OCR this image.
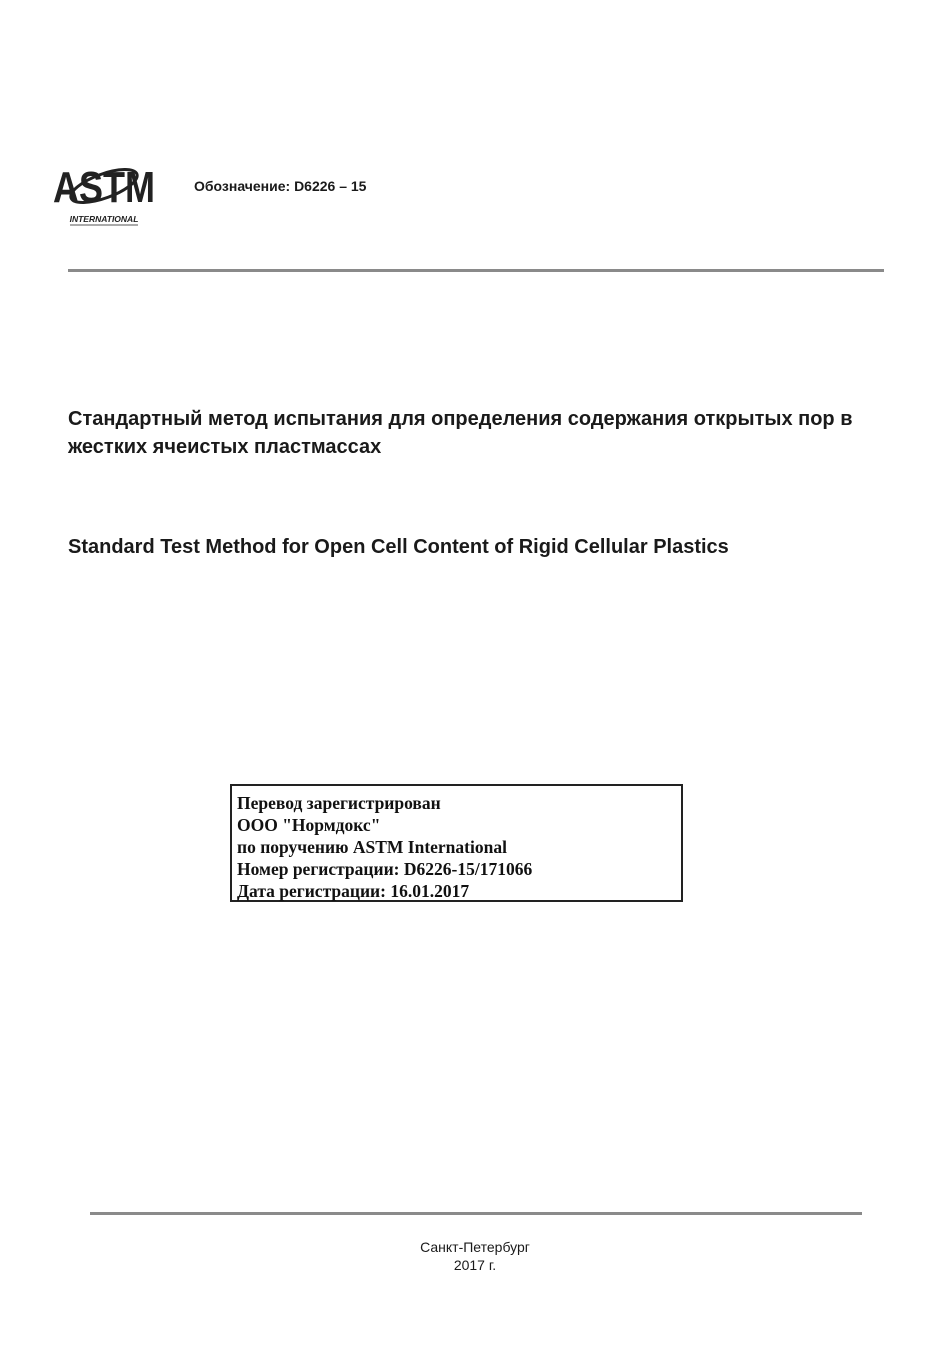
ASTM
INTERNATIONAL
Обозначение: D6226 – 15
Стандартный метод испытания для определения содержания открытых пор в жестких ячеистых пластмассах
Standard Test Method for Open Cell Content of Rigid Cellular Plastics
Перевод зарегистрирован
ООО "Нормдокс"
по поручению ASTM International
Номер регистрации: D6226-15/171066
Дата регистрации: 16.01.2017
Санкт-Петербург
2017 г.
